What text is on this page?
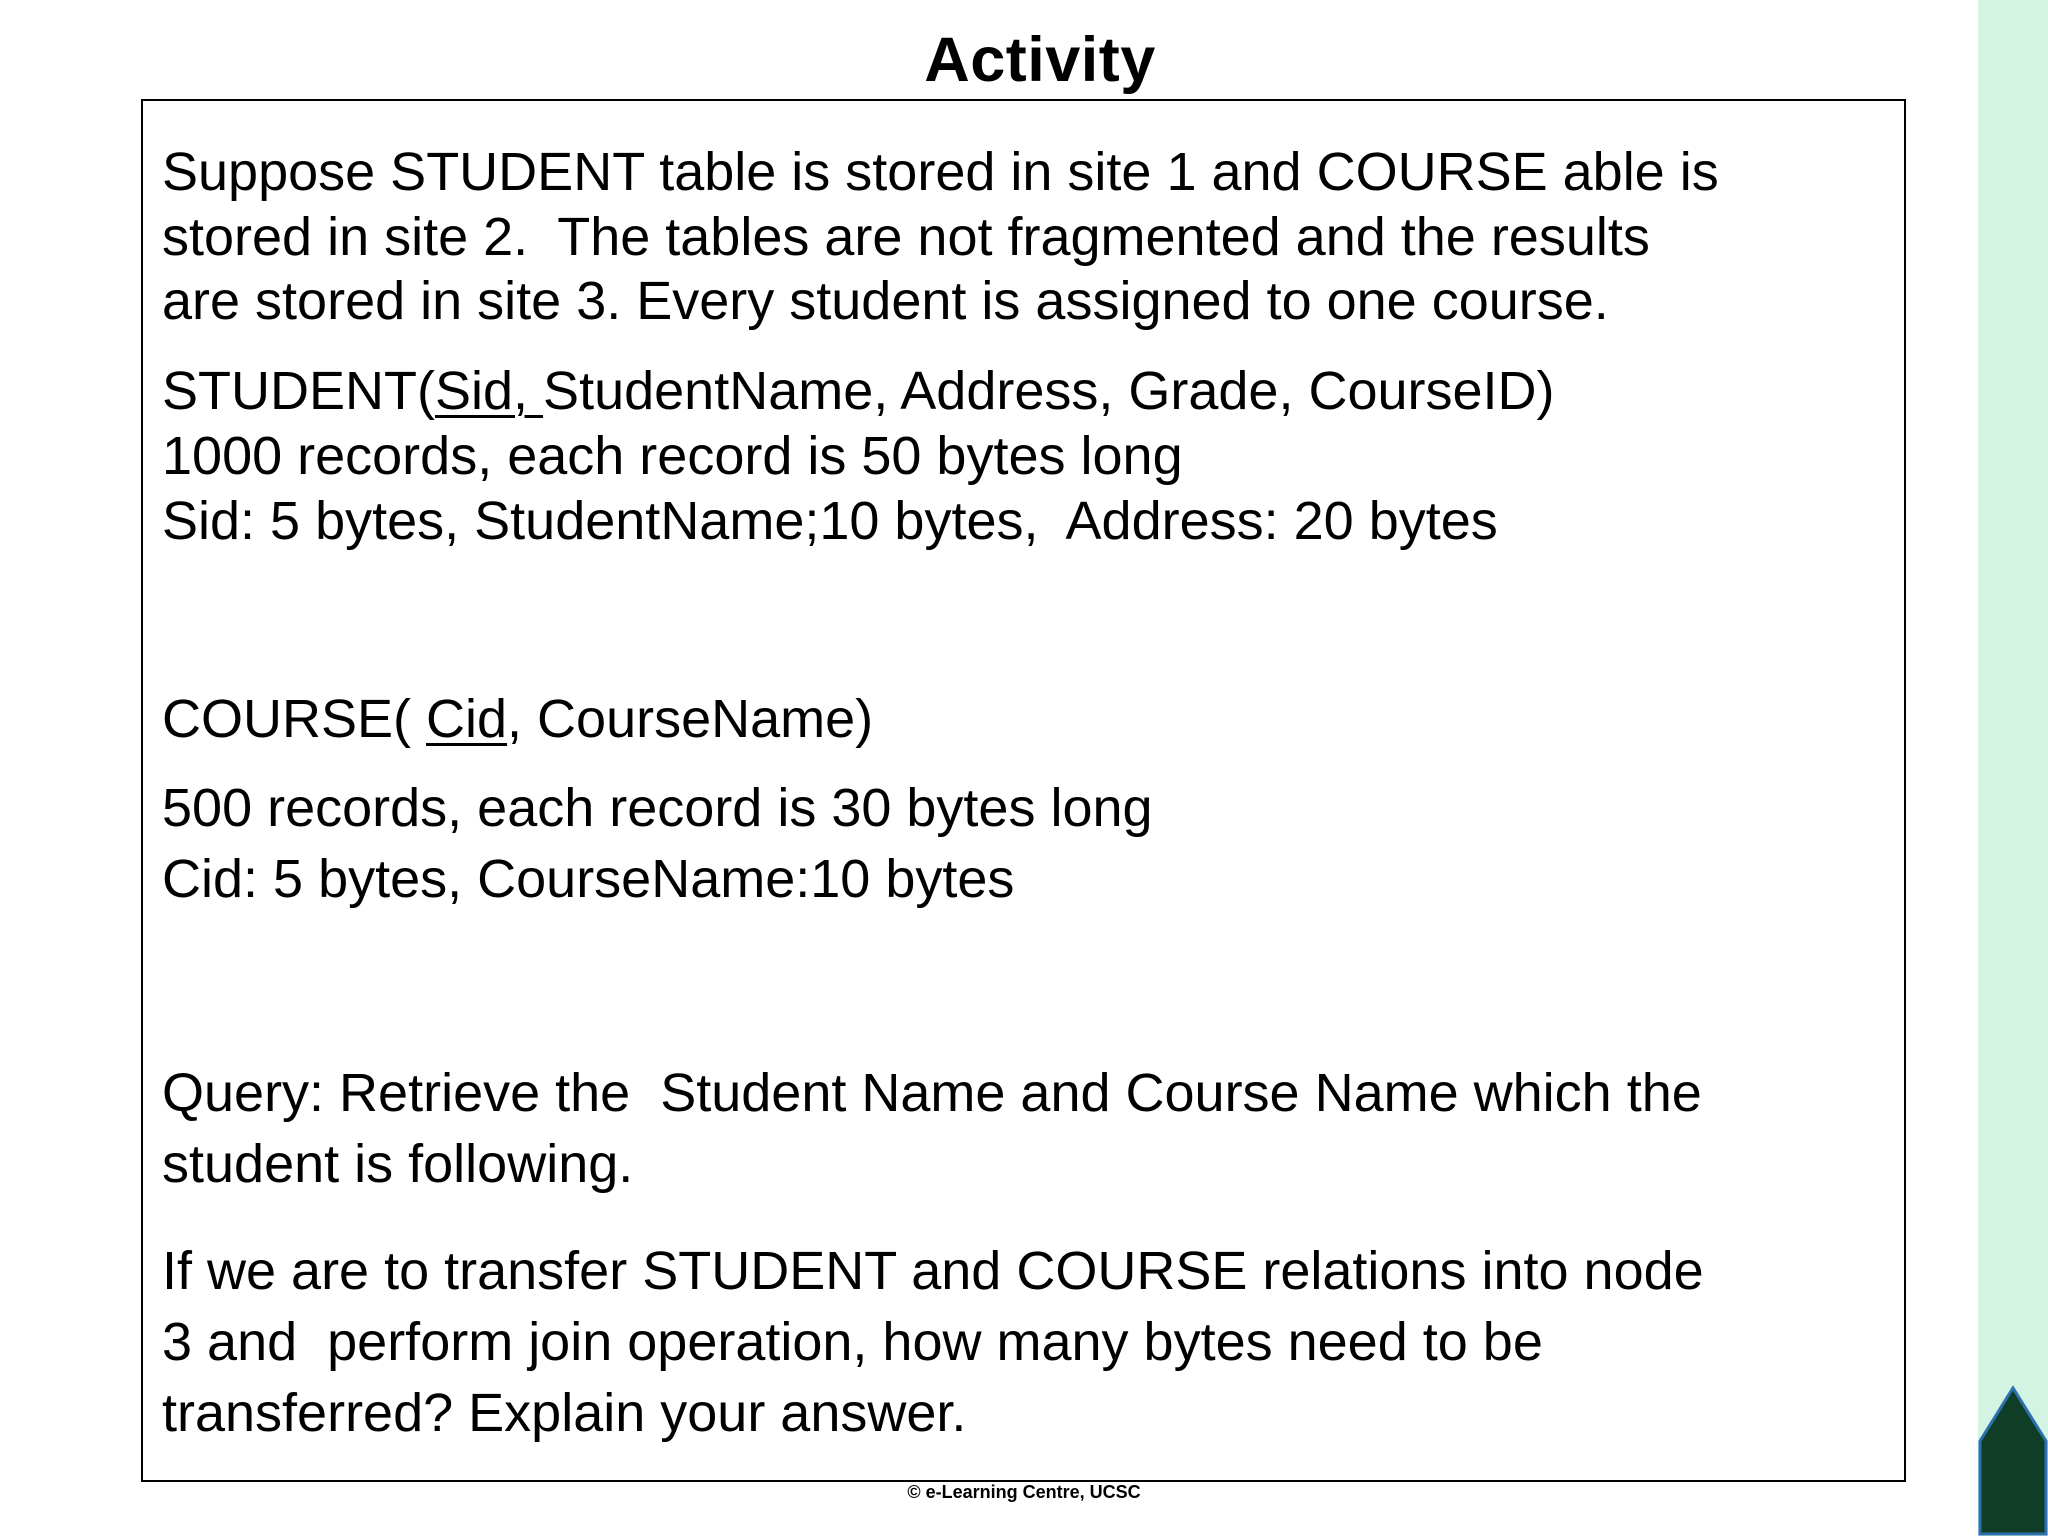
Activity
Suppose STUDENT table is stored in site 1 and COURSE able is
stored in site 2.  The tables are not fragmented and the results
are stored in site 3. Every student is assigned to one course.
STUDENT(Sid, StudentName, Address, Grade, CourseID)
1000 records, each record is 50 bytes long
Sid: 5 bytes, StudentName;10 bytes,  Address: 20 bytes
COURSE( Cid, CourseName)
500 records, each record is 30 bytes long
Cid: 5 bytes, CourseName:10 bytes
Query: Retrieve the  Student Name and Course Name which the
student is following.
If we are to transfer STUDENT and COURSE relations into node
3 and  perform join operation, how many bytes need to be
transferred? Explain your answer.
© e-Learning Centre, UCSC
